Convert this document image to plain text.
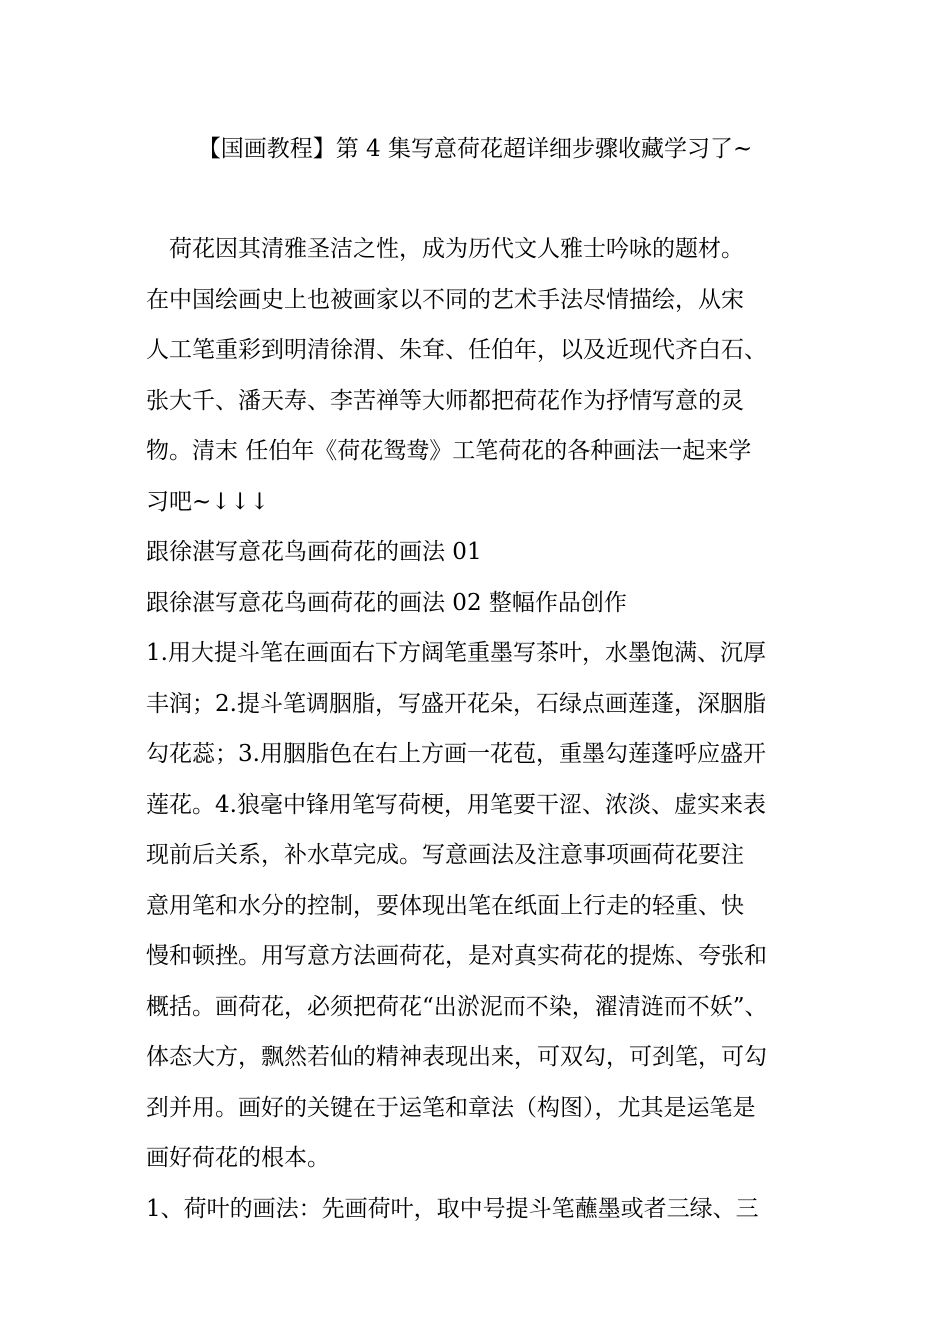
【国画教程】第 4 集写意荷花超详细步骤收藏学习了~
　荷花因其清雅圣洁之性，成为历代文人雅士吟咏的题材。
在中国绘画史上也被画家以不同的艺术手法尽情描绘，从宋
人工笔重彩到明清徐渭、朱耷、任伯年，以及近现代齐白石、
张大千、潘天寿、李苦禅等大师都把荷花作为抒情写意的灵
物。清末 任伯年《荷花鸳鸯》工笔荷花的各种画法一起来学
习吧~↓↓↓
跟徐湛写意花鸟画荷花的画法 01
跟徐湛写意花鸟画荷花的画法 02 整幅作品创作
1.用大提斗笔在画面右下方阔笔重墨写茶叶，水墨饱满、沉厚
丰润；2.提斗笔调胭脂，写盛开花朵，石绿点画莲蓬，深胭脂
勾花蕊；3.用胭脂色在右上方画一花苞，重墨勾莲蓬呼应盛开
莲花。4.狼毫中锋用笔写荷梗，用笔要干涩、浓淡、虚实来表
现前后关系，补水草完成。写意画法及注意事项画荷花要注
意用笔和水分的控制，要体现出笔在纸面上行走的轻重、快
慢和顿挫。用写意方法画荷花，是对真实荷花的提炼、夸张和
概括。画荷花，必须把荷花“出淤泥而不染，濯清涟而不妖”、
体态大方，飘然若仙的精神表现出来，可双勾，可刭笔，可勾
刭并用。画好的关键在于运笔和章法（构图），尤其是运笔是
画好荷花的根本。
1、荷叶的画法：先画荷叶，取中号提斗笔蘸墨或者三绿、三
